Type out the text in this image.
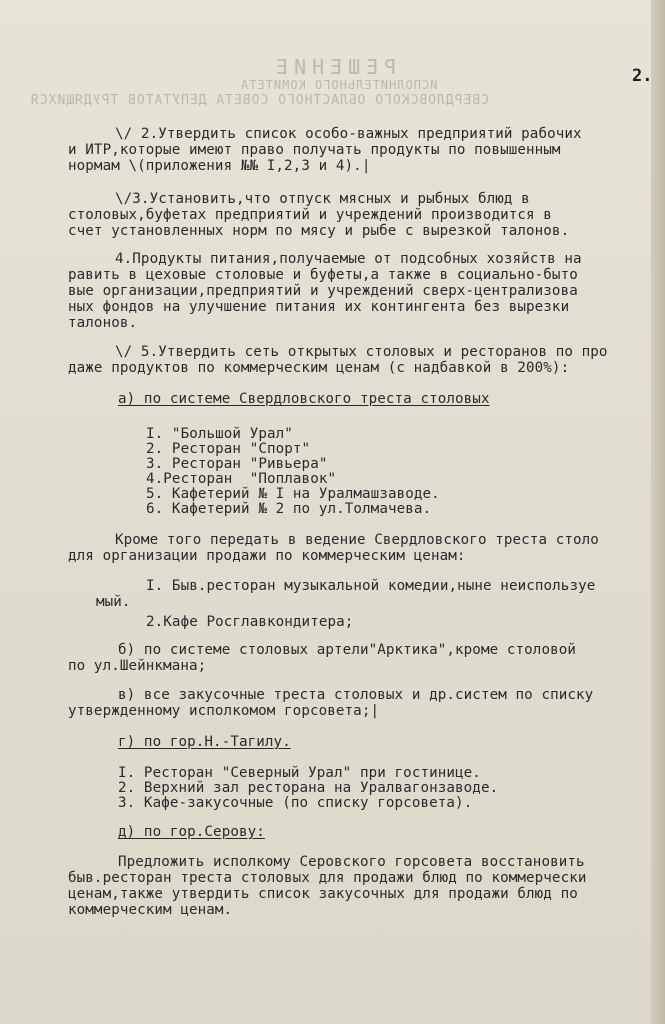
2.
РЕШЕНИЕ
ИСПОЛНИТЕЛЬНОГО КОМИТЕТА
СВЕРДЛОВСКОГО ОБЛАСТНОГО СОВЕТА ДЕПУТАТОВ ТРУДЯЩИХСЯ
\/ 2.Утвердить список особо-важных предприятий рабочих
и ИТР,которые имеют право получать продукты по повышенным
нормам \(приложения №№ I,2,3 и 4).|
\/3.Установить,что отпуск мясных и рыбных блюд в
столовых,буфетах предприятий и учреждений производится в
счет установленных норм по мясу и рыбе с вырезкой талонов.
4.Продукты питания,получаемые от подсобных хозяйств на
равить в цеховые столовые и буфеты,а также в социально-быто
вые организации,предприятий и учреждений сверх-централизова
ных фондов на улучшение питания их контингента без вырезки
талонов.
\/ 5.Утвердить сеть открытых столовых и ресторанов по про
даже продуктов по коммерческим ценам (с надбавкой в 200%):
а) по системе Свердловского треста столовых
I. "Большой Урал"
2. Ресторан "Спорт"
3. Ресторан "Ривьера"
4.Ресторан  "Поплавок"
5. Кафетерий № I на Уралмашзаводе.
6. Кафетерий № 2 по ул.Толмачева.
Кроме того передать в ведение Свердловского треста столо
для организации продажи по коммерческим ценам:
I. Быв.ресторан музыкальной комедии,ныне неиспользуе
мый.
2.Кафе Росглавкондитера;
б) по системе столовых артели"Арктика",кроме столовой
по ул.Шейнкмана;
в) все закусочные треста столовых и др.систем по списку
утвержденному исполкомом горсовета;|
г) по гор.Н.-Тагилу.
I. Ресторан "Северный Урал" при гостинице.
2. Верхний зал ресторана на Уралвагонзаводе.
3. Кафе-закусочные (по списку горсовета).
д) по гор.Серову:
Предложить исполкому Серовского горсовета восстановить
быв.ресторан треста столовых для продажи блюд по коммерчески
ценам,также утвердить список закусочных для продажи блюд по
коммерческим ценам.
